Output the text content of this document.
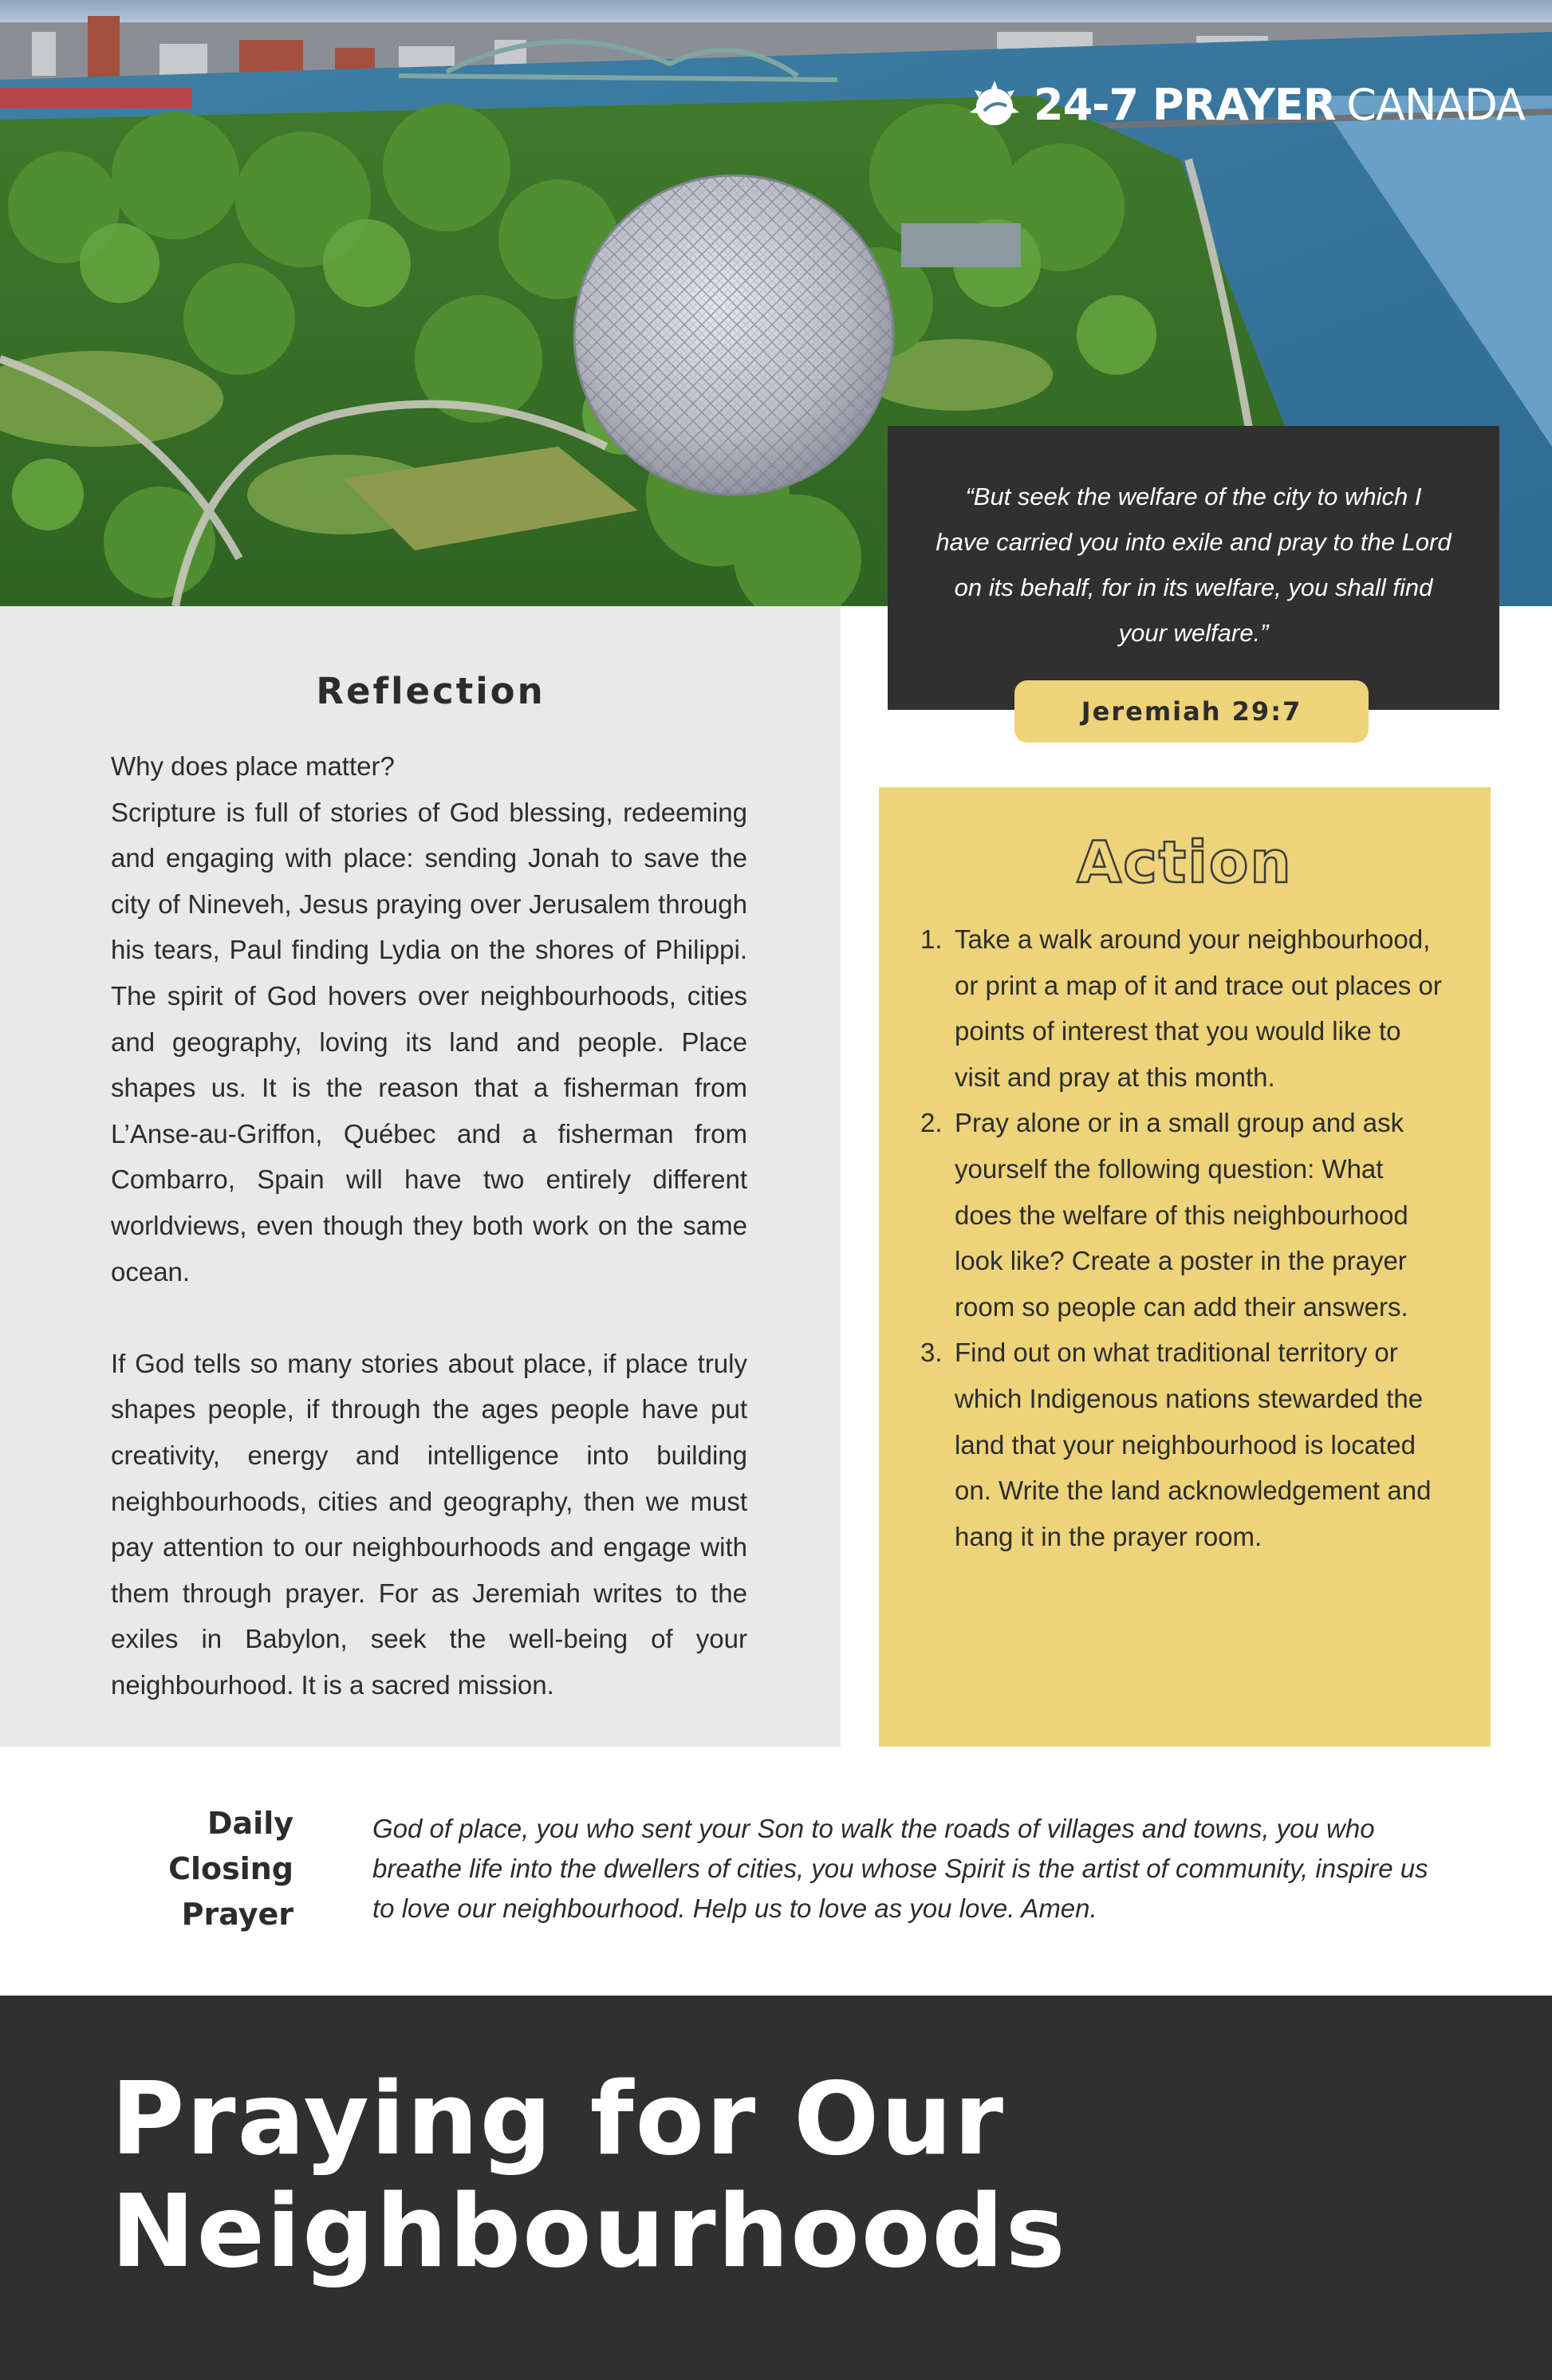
24-7 PRAYER CANADA

“But seek the welfare of the city to which I have carried you into exile and pray to the Lord on its behalf, for in its welfare, you shall find your welfare.”

Jeremiah 29:7
Reflection

Why does place matter?

Scripture is full of stories of God blessing, redeeming and engaging with place: sending Jonah to save the city of Nineveh, Jesus praying over Jerusalem through his tears, Paul finding Lydia on the shores of Philippi. The spirit of God hovers over neighbourhoods, cities and geography, loving its land and people. Place shapes us. It is the reason that a fisherman from L’Anse-au-Griffon, Québec and a fisherman from Combarro, Spain will have two entirely different worldviews, even though they both work on the same ocean.

If God tells so many stories about place, if place truly shapes people, if through the ages people have put creativity, energy and intelligence into building neighbourhoods, cities and geography, then we must pay attention to our neighbourhoods and engage with them through prayer. For as Jeremiah writes to the exiles in Babylon, seek the well-being of your neighbourhood. It is a sacred mission.

Action
1. Take a walk around your neighbourhood, or print a map of it and trace out places or points of interest that you would like to visit and pray at this month.
2. Pray alone or in a small group and ask yourself the following question: What does the welfare of this neighbourhood look like? Create a poster in the prayer room so people can add their answers.
3. Find out on what traditional territory or which Indigenous nations stewarded the land that your neighbourhood is located on. Write the land acknowledgement and hang it in the prayer room.
Daily
Closing
Prayer

God of place, you who sent your Son to walk the roads of villages and towns, you who breathe life into the dwellers of cities, you whose Spirit is the artist of community, inspire us to love our neighbourhood. Help us to love as you love. Amen.

Praying for Our
Neighbourhoods
